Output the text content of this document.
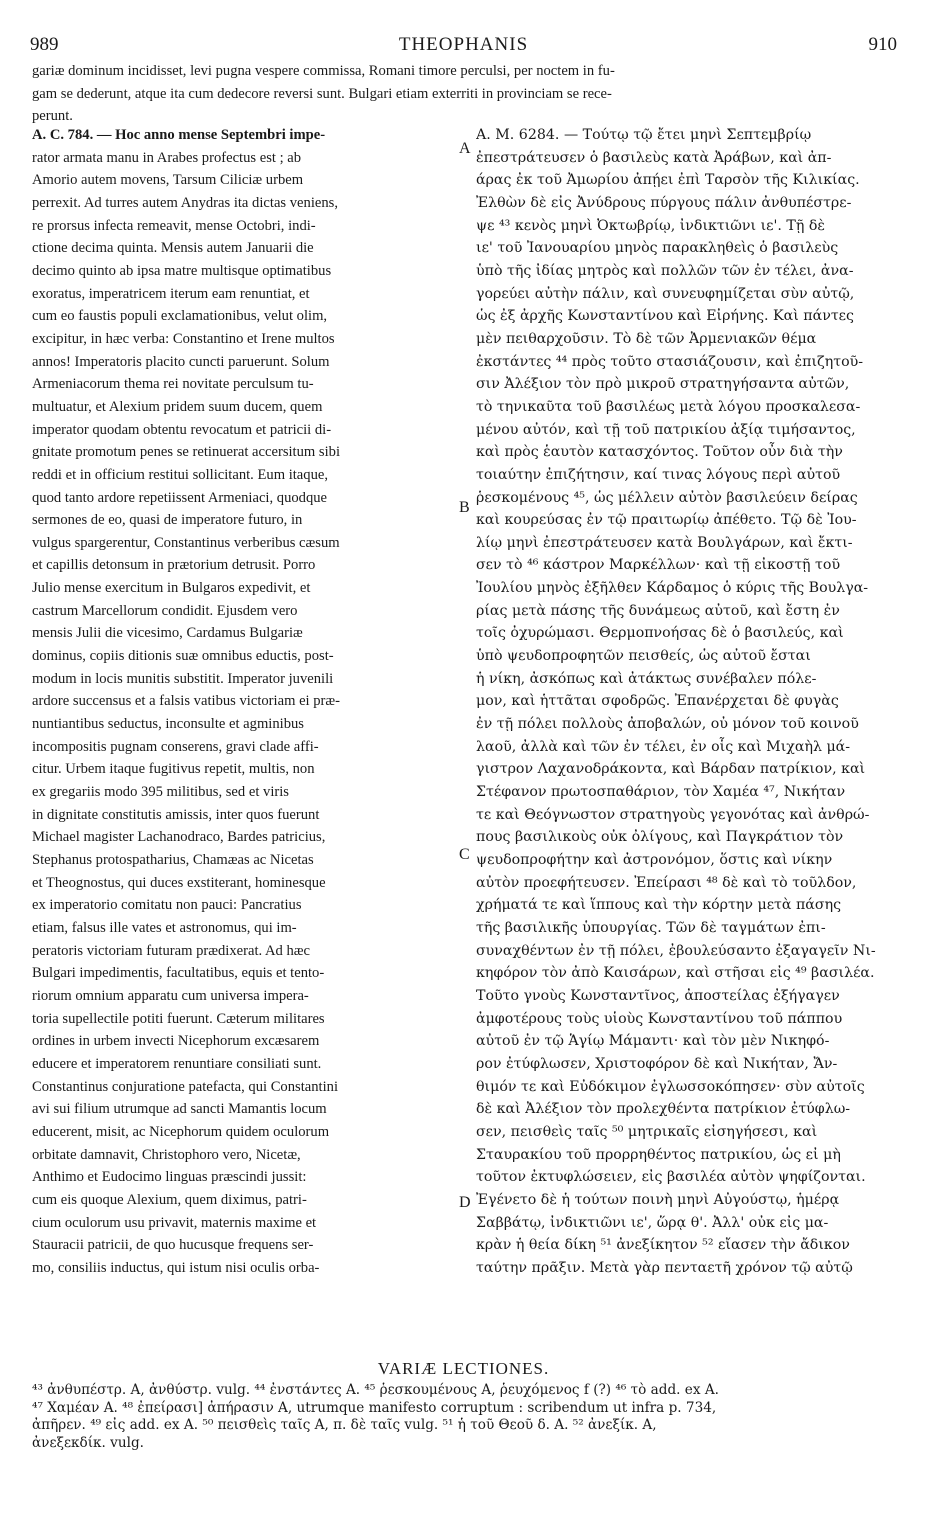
989	THEOPHANIS	910
gariæ dominum incidisset, levi pugna vespere commissa, Romani timore perculsi, per noctem in fu-
gam se dederunt, atque ita cum dedecore reversi sunt. Bulgari etiam exterriti in provinciam se rece-
perunt.
A. C. 784. — Hoc anno mense Septembri impe-
rator armata manu in Arabes profectus est ; ab
Amorio autem movens, Tarsum Ciliciæ urbem
perrexit. Ad turres autem Anydras ita dictas veniens,
re prorsus infecta remeavit, mense Octobri, indi-
ctione decima quinta. Mensis autem Januarii die
decimo quinto ab ipsa matre multisque optimatibus
exoratus, imperatricem iterum eam renuntiat, et
cum eo faustis populi exclamationibus, velut olim,
excipitur, in hæc verba: Constantino et Irene multos
annos! Imperatoris placito cuncti paruerunt. Solum
Armeniacorum thema rei novitate perculsum tu-
multuatur, et Alexium pridem suum ducem, quem
imperator quodam obtentu revocatum et patricii di-
gnitate promotum penes se retinuerat accersitum sibi
reddi et in officium restitui sollicitant. Eum itaque,
quod tanto ardore repetiissent Armeniaci, quodque
sermones de eo, quasi de imperatore futuro, in
vulgus spargerentur, Constantinus verberibus cæsum
et capillis detonsum in prætorium detrusit. Porro
Julio mense exercitum in Bulgaros expedivit, et
castrum Marcellorum condidit. Ejusdem vero
mensis Julii die vicesimo, Cardamus Bulgariæ
dominus, copiis ditionis suæ omnibus eductis, post-
modum in locis munitis substitit. Imperator juvenili
ardore succensus et a falsis vatibus victoriam ei præ-
nuntiantibus seductus, inconsulte et agminibus
incompositis pugnam conserens, gravi clade affi-
citur. Urbem itaque fugitivus repetit, multis, non
ex gregariis modo 395 militibus, sed et viris
in dignitate constitutis amissis, inter quos fuerunt
Michael magister Lachanodraco, Bardes patricius,
Stephanus protospatharius, Chamæas ac Nicetas
et Theognostus, qui duces exstiterant, hominesque
ex imperatorio comitatu non pauci: Pancratius
etiam, falsus ille vates et astronomus, qui im-
peratoris victoriam futuram prædixerat. Ad hæc
Bulgari impedimentis, facultatibus, equis et tento-
riorum omnium apparatu cum universa impera-
toria supellectile potiti fuerunt. Cæterum militares
ordines in urbem invecti Nicephorum excæsarem
educere et imperatorem renuntiare consiliati sunt.
Constantinus conjuratione patefacta, qui Constantini
avi sui filium utrumque ad sancti Mamantis locum
educerent, misit, ac Nicephorum quidem oculorum
orbitate damnavit, Christophoro vero, Nicetæ,
Anthimo et Eudocimo linguas præscindi jussit:
cum eis quoque Alexium, quem diximus, patri-
cium oculorum usu privavit, maternis maxime et
Stauracii patricii, de quo hucusque frequens ser-
mo, consiliis inductus, qui istum nisi oculis orba-
A. M. 6284. — Τούτῳ τῷ ἔτει μηνὶ Σεπτεμβρίῳ
ἐπεστράτευσεν ὁ βασιλεὺς κατὰ Ἀράβων, καὶ ἀπ-
άρας ἐκ τοῦ Ἀμωρίου ἀπῄει ἐπὶ Ταρσὸν τῆς Κιλικίας.
Ἐλθὼν δὲ εἰς Ἀνύδρους πύργους πάλιν ἀνθυπέστρε-
ψε ⁴³ κενὸς μηνὶ Ὀκτωβρίῳ, ἰνδικτιῶνι ιε'. Τῇ δὲ
ιε' τοῦ Ἰανουαρίου μηνὸς παρακληθεὶς ὁ βασιλεὺς
ὑπὸ τῆς ἰδίας μητρὸς καὶ πολλῶν τῶν ἐν τέλει, ἀνα-
γορεύει αὐτὴν πάλιν, καὶ συνευφημίζεται σὺν αὐτῷ,
ὡς ἐξ ἀρχῆς Κωνσταντίνου καὶ Εἰρήνης. Καὶ πάντες
μὲν πειθαρχοῦσιν. Τὸ δὲ τῶν Ἀρμενιακῶν θέμα
ἐκστάντες ⁴⁴ πρὸς τοῦτο στασιάζουσιν, καὶ ἐπιζητοῦ-
σιν Ἀλέξιον τὸν πρὸ μικροῦ στρατηγήσαντα αὐτῶν,
τὸ τηνικαῦτα τοῦ βασιλέως μετὰ λόγου προσκαλεσα-
μένου αὐτόν, καὶ τῇ τοῦ πατρικίου ἀξίᾳ τιμήσαντος,
καὶ πρὸς ἑαυτὸν κατασχόντος. Τοῦτον οὖν διὰ τὴν
τοιαύτην ἐπιζήτησιν, καί τινας λόγους περὶ αὐτοῦ
ῥεσκομένους ⁴⁵, ὡς μέλλειν αὐτὸν βασιλεύειν δείρας
καὶ κουρεύσας ἐν τῷ πραιτωρίῳ ἀπέθετο. Τῷ δὲ Ἰου-
λίῳ μηνὶ ἐπεστράτευσεν κατὰ Βουλγάρων, καὶ ἔκτι-
σεν τὸ ⁴⁶ κάστρον Μαρκέλλων· καὶ τῇ εἰκοστῇ τοῦ
Ἰουλίου μηνὸς ἐξῆλθεν Κάρδαμος ὁ κύρις τῆς Βουλγα-
ρίας μετὰ πάσης τῆς δυνάμεως αὐτοῦ, καὶ ἔστη ἐν
τοῖς ὀχυρώμασι. Θερμοπνοήσας δὲ ὁ βασιλεύς, καὶ
ὑπὸ ψευδοπροφητῶν πεισθείς, ὡς αὐτοῦ ἔσται
ἡ νίκη, ἀσκόπως καὶ ἀτάκτως συνέβαλεν πόλε-
μον, καὶ ἡττᾶται σφοδρῶς. Ἐπανέρχεται δὲ φυγὰς
ἐν τῇ πόλει πολλοὺς ἀποβαλών, οὐ μόνον τοῦ κοινοῦ
λαοῦ, ἀλλὰ καὶ τῶν ἐν τέλει, ἐν οἷς καὶ Μιχαὴλ μά-
γιστρον Λαχανοδράκοντα, καὶ Βάρδαν πατρίκιον, καὶ
Στέφανον πρωτοσπαθάριον, τὸν Χαμέα ⁴⁷, Νικήταν
τε καὶ Θεόγνωστον στρατηγοὺς γεγονότας καὶ ἀνθρώ-
πους βασιλικοὺς οὐκ ὀλίγους, καὶ Παγκράτιον τὸν
ψευδοπροφήτην καὶ ἀστρονόμον, ὅστις καὶ νίκην
αὐτὸν προεφήτευσεν. Ἐπείρασι ⁴⁸ δὲ καὶ τὸ τοῦλδον,
χρήματά τε καὶ ἵππους καὶ τὴν κόρτην μετὰ πάσης
τῆς βασιλικῆς ὑπουργίας. Τῶν δὲ ταγμάτων ἐπι-
συναχθέντων ἐν τῇ πόλει, ἐβουλεύσαντο ἐξαγαγεῖν Νι-
κηφόρον τὸν ἀπὸ Καισάρων, καὶ στῆσαι εἰς ⁴⁹ βασιλέα.
Τοῦτο γνοὺς Κωνσταντῖνος, ἀποστείλας ἐξήγαγεν
ἀμφοτέρους τοὺς υἱοὺς Κωνσταντίνου τοῦ πάππου
αὐτοῦ ἐν τῷ Ἁγίῳ Μάμαντι· καὶ τὸν μὲν Νικηφό-
ρον ἐτύφλωσεν, Χριστοφόρον δὲ καὶ Νικήταν, Ἄν-
θιμόν τε καὶ Εὐδόκιμον ἐγλωσσοκόπησεν· σὺν αὐτοῖς
δὲ καὶ Ἀλέξιον τὸν προλεχθέντα πατρίκιον ἐτύφλω-
σεν, πεισθεὶς ταῖς ⁵⁰ μητρικαῖς εἰσηγήσεσι, καὶ
Σταυρακίου τοῦ προρρηθέντος πατρικίου, ὡς εἰ μὴ
τοῦτον ἐκτυφλώσειεν, εἰς βασιλέα αὐτὸν ψηφίζονται.
Ἐγένετο δὲ ἡ τούτων ποινὴ μηνὶ Αὐγούστῳ, ἡμέρᾳ
Σαββάτῳ, ἰνδικτιῶνι ιε', ὥρᾳ θ'. Ἀλλ' οὐκ εἰς μα-
κρὰν ἡ θεία δίκη ⁵¹ ἀνεξίκητον ⁵² εἴασεν τὴν ἄδικον
ταύτην πρᾶξιν. Μετὰ γὰρ πενταετῆ χρόνον τῷ αὐτῷ
A
B
C
D
VARIÆ LECTIONES.
⁴³ ἀνθυπέστρ. A, ἀνθύστρ. vulg. ⁴⁴ ἐνστάντες A. ⁴⁵ ῥεσκουμένους A, ῥευχόμενος f (?) ⁴⁶ τὸ add. ex A.
⁴⁷ Χαμέαν A. ⁴⁸ ἐπείρασι] ἀπήρασιν A, utrumque manifesto corruptum : scribendum ut infra p. 734,
ἀπῆρεν. ⁴⁹ εἰς add. ex A. ⁵⁰ πεισθεὶς ταῖς A, π. δὲ ταῖς vulg. ⁵¹ ἡ τοῦ Θεοῦ δ. A. ⁵² ἀνεξίκ. A,
ἀνεξεκδίκ. vulg.
